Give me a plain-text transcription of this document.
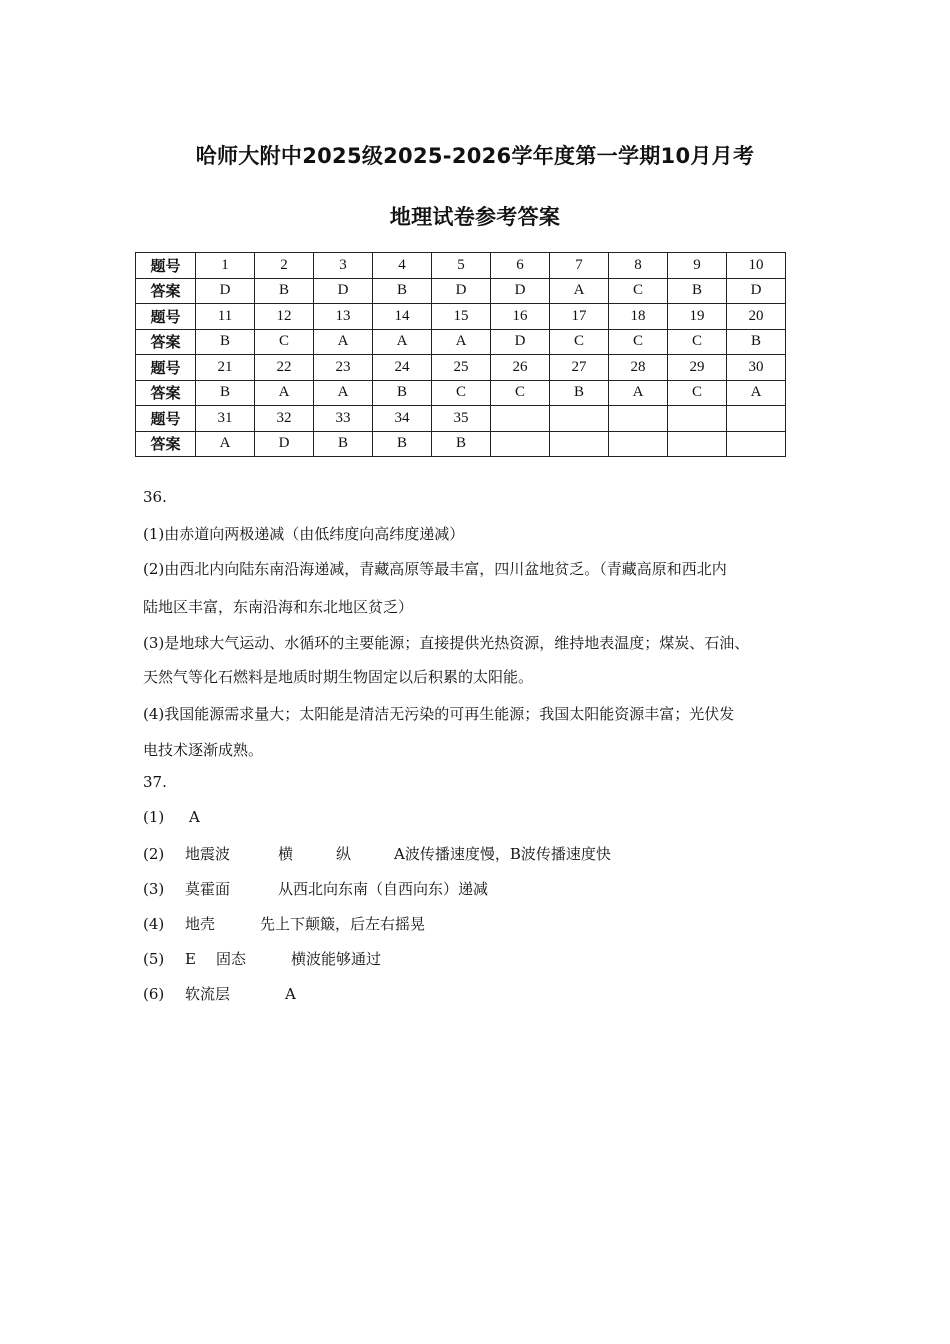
哈师大附中2025级2025-2026学年度第一学期10月月考
地理试卷参考答案
题号	1	2	3	4	5	6	7	8	9	10
答案	D	B	D	B	D	D	A	C	B	D
题号	11	12	13	14	15	16	17	18	19	20
答案	B	C	A	A	A	D	C	C	C	B
题号	21	22	23	24	25	26	27	28	29	30
答案	B	A	A	B	C	C	B	A	C	A
题号	31	32	33	34	35					
答案	A	D	B	B	B					
36.
(1)由赤道向两极递减（由低纬度向高纬度递减）
(2)由西北内向陆东南沿海递减，青藏高原等最丰富，四川盆地贫乏。（青藏高原和西北内
陆地区丰富，东南沿海和东北地区贫乏）
(3)是地球大气运动、水循环的主要能源；直接提供光热资源，维持地表温度；煤炭、石油、
天然气等化石燃料是地质时期生物固定以后积累的太阳能。
(4)我国能源需求量大；太阳能是清洁无污染的可再生能源；我国太阳能资源丰富；光伏发
电技术逐渐成熟。
37.
(1) A
(2) 地震波	横	纵	A波传播速度慢，B波传播速度快
(3) 莫霍面	从西北向东南（自西向东）递减
(4) 地壳	先上下颠簸，后左右摇晃
(5) E 固态	横波能够通过
(6) 软流层	A
